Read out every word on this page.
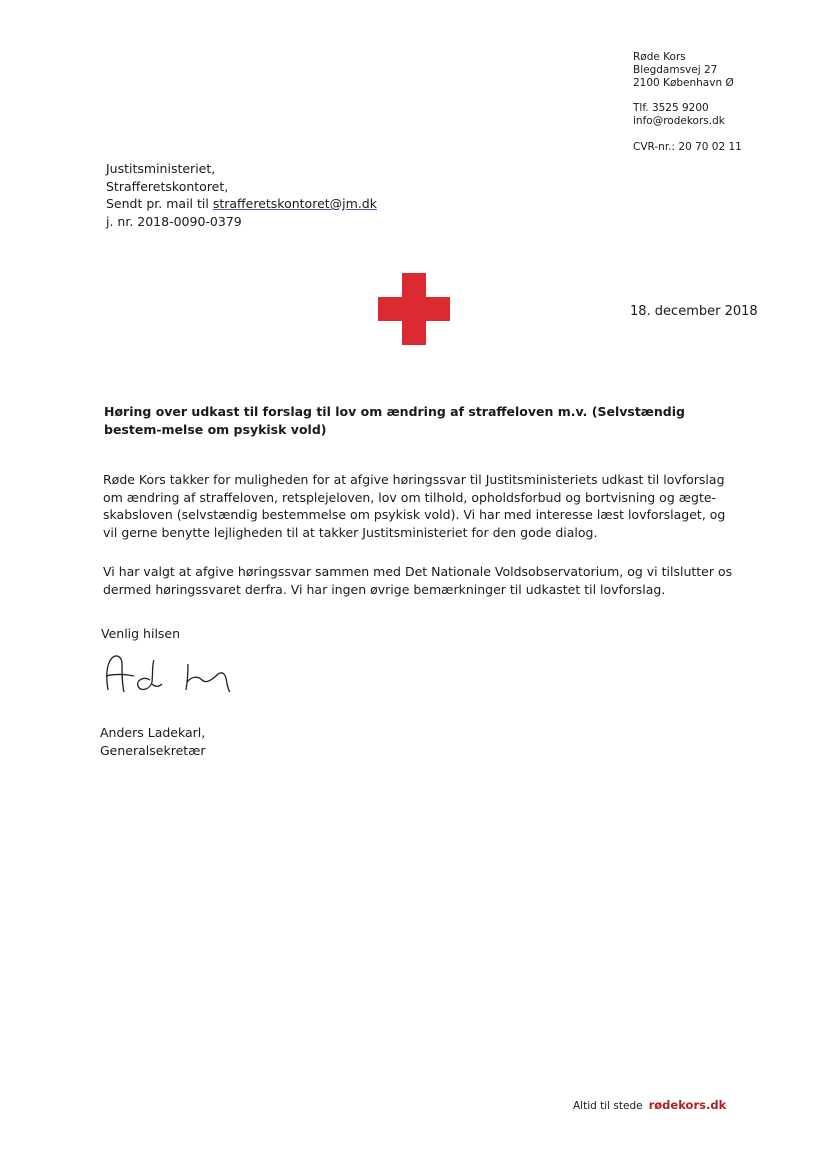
Røde Kors
Blegdamsvej 27
2100 København Ø
Tlf. 3525 9200
info@rodekors.dk
CVR-nr.: 20 70 02 11
Justitsministeriet,
Strafferetskontoret,
Sendt pr. mail til strafferetskontoret@jm.dk
j. nr. 2018-0090-0379
18. december 2018
Høring over udkast til forslag til lov om ændring af straffeloven m.v. (Selvstændig bestem-melse om psykisk vold)
Røde Kors takker for muligheden for at afgive høringssvar til Justitsministeriets udkast til lovforslag om ændring af straffeloven, retsplejeloven, lov om tilhold, opholdsforbud og bortvisning og ægte-skabsloven (selvstændig bestemmelse om psykisk vold). Vi har med interesse læst lovforslaget, og vil gerne benytte lejligheden til at takker Justitsministeriet for den gode dialog.
Vi har valgt at afgive høringssvar sammen med Det Nationale Voldsobservatorium, og vi tilslutter os dermed høringssvaret derfra. Vi har ingen øvrige bemærkninger til udkastet til lovforslag.
Venlig hilsen
Anders Ladekarl,
Generalsekretær
Altid til stede rødekors.dk
